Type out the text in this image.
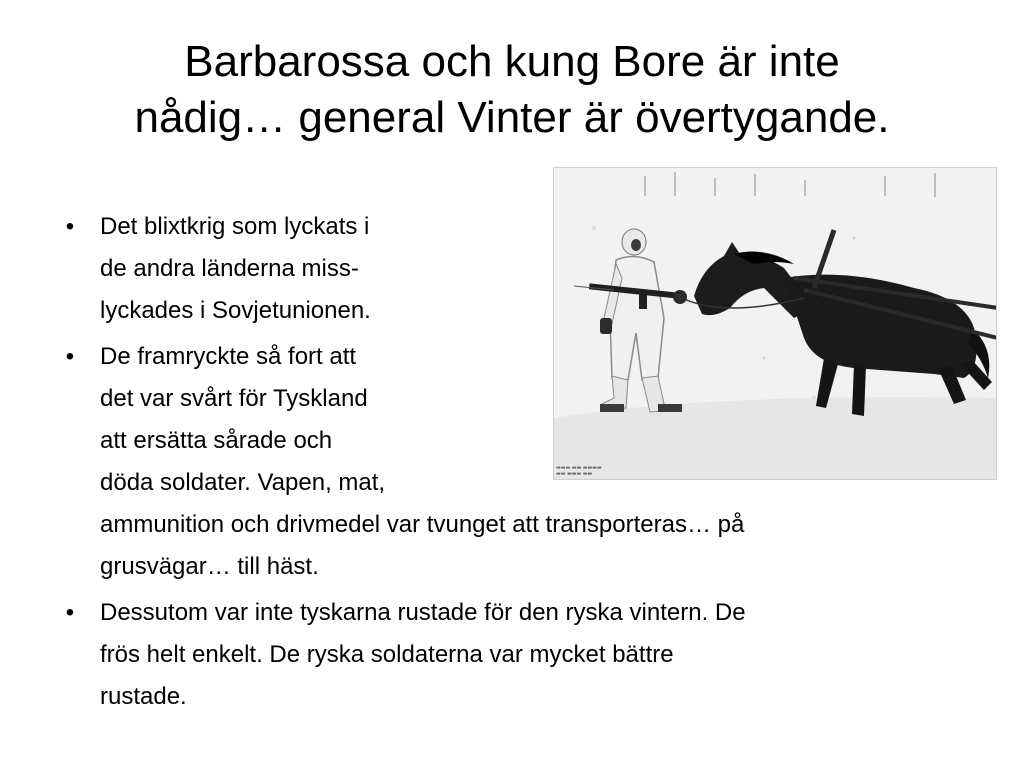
Barbarossa och kung Bore är inte
nådig… general Vinter är övertygande.
▬▬▬ ▬▬ ▬▬▬▬
▬▬ ▬▬▬ ▬▬
• Det blixtkrig som lyckats i
de andra länderna miss-
lyckades i Sovjetunionen.
• De framryckte så fort att
det var svårt för Tyskland
att ersätta sårade och
döda soldater. Vapen, mat,
ammunition och drivmedel var tvunget att transporteras… på
grusvägar… till häst.
• Dessutom var inte tyskarna rustade för den ryska vintern. De
frös helt enkelt. De ryska soldaterna var mycket bättre
rustade.
